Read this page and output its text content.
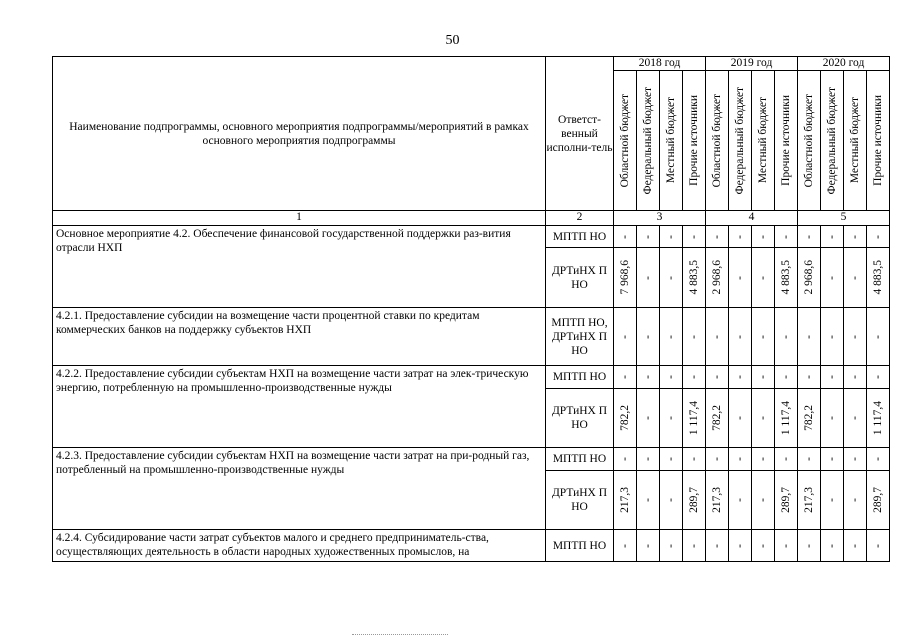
50
Наименование подпрограммы, основного мероприятия подпрограммы/мероприятий в рамках основного мероприятия подпрограммы	Ответст-венный исполни-тель	2018 год				2019 год				2020 год			

		Областной бюджет	Федеральный бюджет	Местный бюджет	Прочие источники	Областной бюджет	Федеральный бюджет	Местный бюджет	Прочие источники	Областной бюджет	Федеральный бюджет	Местный бюджет	Прочие источники

1	2	3				4				5			
Основное мероприятие 4.2. Обеспечение финансовой государственной поддержки раз-вития отрасли НХП	МПТП НО	-	-	-	-	-	-	-	-	-	-	-	-

	ДРТиНХ П НО	7 968,6	-	-	4 883,5	2 968,6	-	-	4 883,5	2 968,6	-	-	4 883,5

4.2.1. Предоставление субсидии на возмещение части процентной ставки по кредитам коммерческих банков на поддержку субъектов НХП	МПТП НО, ДРТиНХ П НО	-	-	-	-	-	-	-	-	-	-	-	-

4.2.2. Предоставление субсидии субъектам НХП на возмещение части затрат на элек-трическую энергию, потребленную на промышленно-производственные нужды	МПТП НО	-	-	-	-	-	-	-	-	-	-	-	-

	ДРТиНХ П НО	782,2	-	-	1 117,4	782,2	-	-	1 117,4	782,2	-	-	1 117,4

4.2.3. Предоставление субсидии субъектам НХП на возмещение части затрат на при-родный газ, потребленный на промышленно-производственные нужды	МПТП НО	-	-	-	-	-	-	-	-	-	-	-	-

	ДРТиНХ П НО	217,3	-	-	289,7	217,3	-	-	289,7	217,3	-	-	289,7

4.2.4. Субсидирование части затрат субъектов малого и среднего предприниматель-ства, осуществляющих деятельность в области народных художественных промыслов, на	МПТП НО	-	-	-	-	-	-	-	-	-	-	-	-
